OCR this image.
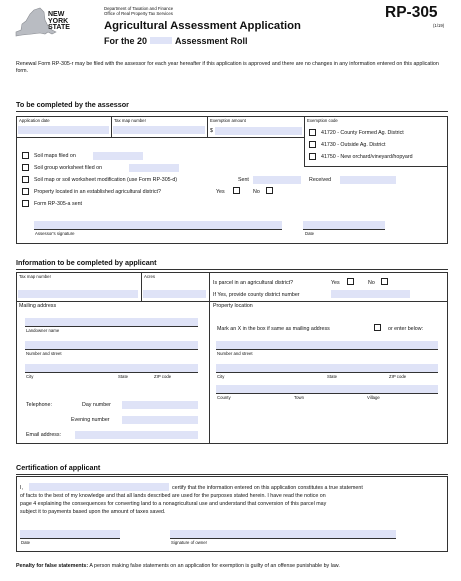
NEW
YORK
STATE
Department of Taxation and Finance
Office of Real Property Tax Services
Agricultural Assessment Application
For the 20	Assessment Roll
RP-305
(1/19)
Renewal Form RP-305-r may be filed with the assessor for each year hereafter if this application is approved and there are no changes in any information entered on this application form.
To be completed by the assessor
Application date	Tax map number	Exemption amount
$
Exemption code
41720 - County Formed Ag. District
41730 - Outside Ag. District
41750 - New orchard/vineyard/hopyard
Soil maps filed on
Soil group worksheet filed on
Soil map or soil worksheet modification (use Form RP-305-d)	Sent	Received
Property located in an established agricultural district?	Yes	No
Form RP-305-a sent
Assessor's signature	Date
Information to be completed by applicant
Tax map number	Acres
Is parcel in an agricultural district?	Yes	No
If Yes, provide county district number
Mailing address	Property location
Landowner name
Number and street
City	State	ZIP code
Telephone:	Day number
Evening number
Email address:
Mark an X in the box if same as mailing address	or enter below:
Number and street
City	State	ZIP code
County	Town	Village
Certification of applicant
I,	certify that the information entered on this application constitutes a true statement
of facts to the best of my knowledge and that all lands described are used for the purposes stated herein. I have read the notice on
page 4 explaining the consequences for converting land to a nonagricultural use and understand that conversion of this parcel may
subject it to payments based upon the amount of taxes saved.
Date	Signature of owner
Penalty for false statements: A person making false statements on an application for exemption is guilty of an offense punishable by law.
